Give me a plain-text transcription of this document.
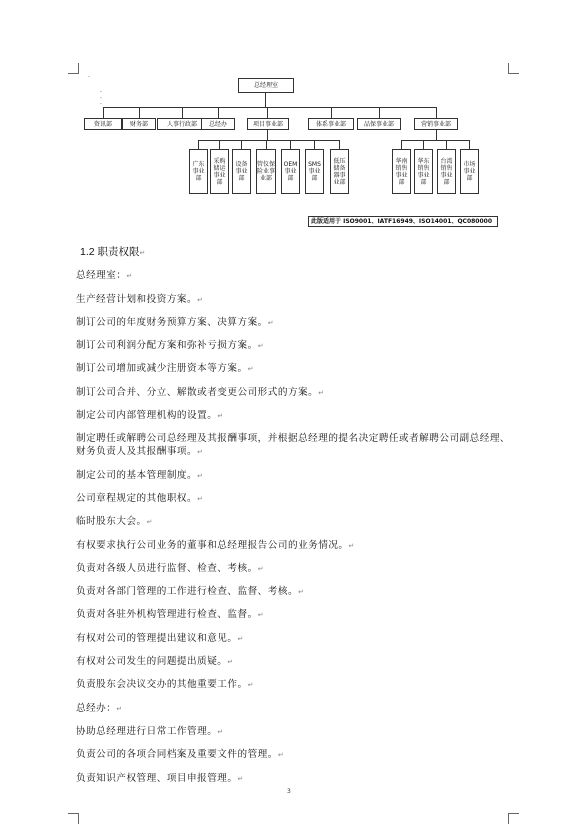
.
·
·
·
总经理室
资讯部	财务部	人事行政部 总经办	项目事业部	体系事业部	品保事业部	营销事业部
广东事业部
采购储运事业部
设备事业部
管仪保险业事业部
OEM事业部
SMS事业部
低压储备器事业部
华南销售事业部
华东销售事业部
台湾销售事业部
市场事业部
此版适用于 ISO9001、IATF16949、ISO14001、QC080000
1.2 职责权限↵
总经理室：↵
生产经营计划和投资方案。↵
制订公司的年度财务预算方案、决算方案。↵
制订公司利润分配方案和弥补亏损方案。↵
制订公司增加或减少注册资本等方案。↵
制订公司合并、分立、解散或者变更公司形式的方案。↵
制定公司内部管理机构的设置。↵
制定聘任或解聘公司总经理及其报酬事项，并根据总经理的提名决定聘任或者解聘公司副总经理、财务负责人及其报酬事项。↵
制定公司的基本管理制度。↵
公司章程规定的其他职权。↵
临时股东大会。↵
有权要求执行公司业务的董事和总经理报告公司的业务情况。↵
负责对各级人员进行监督、检查、考核。↵
负责对各部门管理的工作进行检查、监督、考核。↵
负责对各驻外机构管理进行检查、监督。↵
有权对公司的管理提出建议和意见。↵
有权对公司发生的问题提出质疑。↵
负责股东会决议交办的其他重要工作。↵
总经办：↵
协助总经理进行日常工作管理。↵
负责公司的各项合同档案及重要文件的管理。↵
负责知识产权管理、项目申报管理。↵
3
